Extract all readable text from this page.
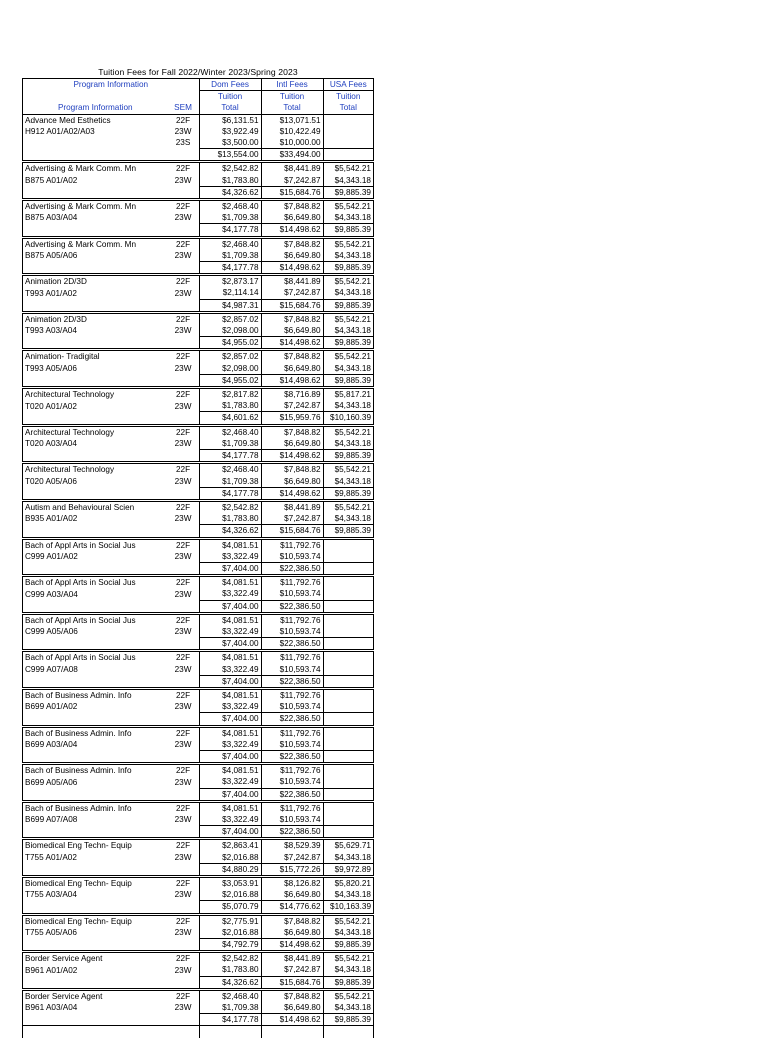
Tuition Fees for Fall 2022/Winter 2023/Spring 2023
Program Information		Dom Fees	Intl Fees	USA Fees
		Tuition	Tuition	Tuition
Program Information	SEM	Total	Total	Total
Advance Med Esthetics	22F	$6,131.51	$13,071.51	
H912 A01/A02/A03	23W	$3,922.49	$10,422.49	
	23S	$3,500.00	$10,000.00	
		$13,554.00	$33,494.00	
Advertising & Mark Comm. Mn	22F	$2,542.82	$8,441.89	$5,542.21
B875 A01/A02	23W	$1,783.80	$7,242.87	$4,343.18
		$4,326.62	$15,684.76	$9,885.39
Advertising & Mark Comm. Mn	22F	$2,468.40	$7,848.82	$5,542.21
B875 A03/A04	23W	$1,709.38	$6,649.80	$4,343.18
		$4,177.78	$14,498.62	$9,885.39
Advertising & Mark Comm. Mn	22F	$2,468.40	$7,848.82	$5,542.21
B875 A05/A06	23W	$1,709.38	$6,649.80	$4,343.18
		$4,177.78	$14,498.62	$9,885.39
Animation 2D/3D	22F	$2,873.17	$8,441.89	$5,542.21
T993 A01/A02	23W	$2,114.14	$7,242.87	$4,343.18
		$4,987.31	$15,684.76	$9,885.39
Animation 2D/3D	22F	$2,857.02	$7,848.82	$5,542.21
T993 A03/A04	23W	$2,098.00	$6,649.80	$4,343.18
		$4,955.02	$14,498.62	$9,885.39
Animation- Tradigital	22F	$2,857.02	$7,848.82	$5,542.21
T993 A05/A06	23W	$2,098.00	$6,649.80	$4,343.18
		$4,955.02	$14,498.62	$9,885.39
Architectural Technology	22F	$2,817.82	$8,716.89	$5,817.21
T020 A01/A02	23W	$1,783.80	$7,242.87	$4,343.18
		$4,601.62	$15,959.76	$10,160.39
Architectural Technology	22F	$2,468.40	$7,848.82	$5,542.21
T020 A03/A04	23W	$1,709.38	$6,649.80	$4,343.18
		$4,177.78	$14,498.62	$9,885.39
Architectural Technology	22F	$2,468.40	$7,848.82	$5,542.21
T020 A05/A06	23W	$1,709.38	$6,649.80	$4,343.18
		$4,177.78	$14,498.62	$9,885.39
Autism and Behavioural Scien	22F	$2,542.82	$8,441.89	$5,542.21
B935 A01/A02	23W	$1,783.80	$7,242.87	$4,343.18
		$4,326.62	$15,684.76	$9,885.39
Bach of Appl Arts in Social Jus	22F	$4,081.51	$11,792.76	
C999 A01/A02	23W	$3,322.49	$10,593.74	
		$7,404.00	$22,386.50	
Bach of Appl Arts in Social Jus	22F	$4,081.51	$11,792.76	
C999 A03/A04	23W	$3,322.49	$10,593.74	
		$7,404.00	$22,386.50	
Bach of Appl Arts in Social Jus	22F	$4,081.51	$11,792.76	
C999 A05/A06	23W	$3,322.49	$10,593.74	
		$7,404.00	$22,386.50	
Bach of Appl Arts in Social Jus	22F	$4,081.51	$11,792.76	
C999 A07/A08	23W	$3,322.49	$10,593.74	
		$7,404.00	$22,386.50	
Bach of Business Admin. Info	22F	$4,081.51	$11,792.76	
B699 A01/A02	23W	$3,322.49	$10,593.74	
		$7,404.00	$22,386.50	
Bach of Business Admin. Info	22F	$4,081.51	$11,792.76	
B699 A03/A04	23W	$3,322.49	$10,593.74	
		$7,404.00	$22,386.50	
Bach of Business Admin. Info	22F	$4,081.51	$11,792.76	
B699 A05/A06	23W	$3,322.49	$10,593.74	
		$7,404.00	$22,386.50	
Bach of Business Admin. Info	22F	$4,081.51	$11,792.76	
B699 A07/A08	23W	$3,322.49	$10,593.74	
		$7,404.00	$22,386.50	
Biomedical Eng Techn- Equip	22F	$2,863.41	$8,529.39	$5,629.71
T755 A01/A02	23W	$2,016.88	$7,242.87	$4,343.18
		$4,880.29	$15,772.26	$9,972.89
Biomedical Eng Techn- Equip	22F	$3,053.91	$8,126.82	$5,820.21
T755 A03/A04	23W	$2,016.88	$6,649.80	$4,343.18
		$5,070.79	$14,776.62	$10,163.39
Biomedical Eng Techn- Equip	22F	$2,775.91	$7,848.82	$5,542.21
T755 A05/A06	23W	$2,016.88	$6,649.80	$4,343.18
		$4,792.79	$14,498.62	$9,885.39
Border Service Agent	22F	$2,542.82	$8,441.89	$5,542.21
B961 A01/A02	23W	$1,783.80	$7,242.87	$4,343.18
		$4,326.62	$15,684.76	$9,885.39
Border Service Agent	22F	$2,468.40	$7,848.82	$5,542.21
B961 A03/A04	23W	$1,709.38	$6,649.80	$4,343.18
		$4,177.78	$14,498.62	$9,885.39
